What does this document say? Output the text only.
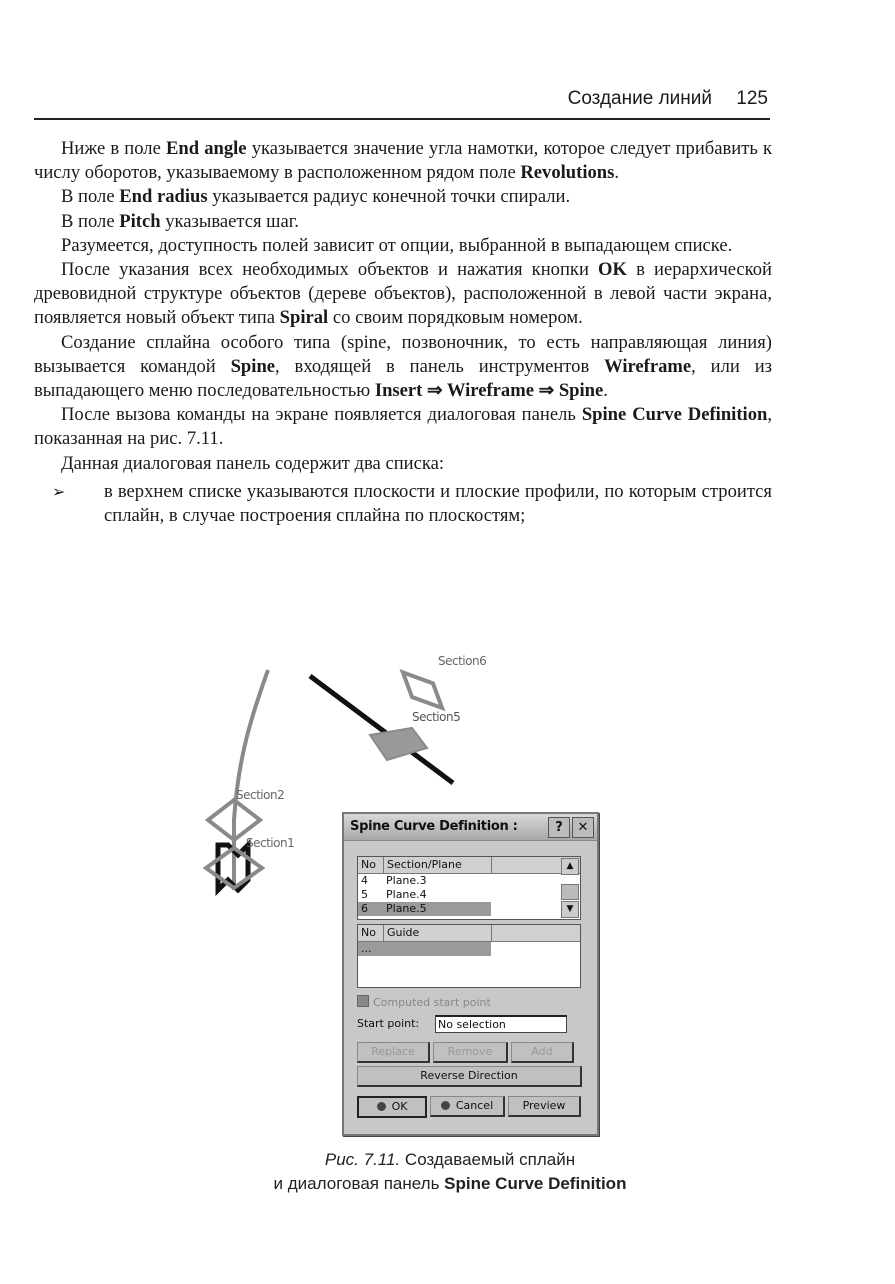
Создание линий 125

Ниже в поле End angle указывается значение угла намотки, которое следует прибавить к числу оборотов, указываемому в расположенном рядом поле Revolutions.

В поле End radius указывается радиус конечной точки спирали.

В поле Pitch указывается шаг.

Разумеется, доступность полей зависит от опции, выбранной в выпадающем списке.

После указания всех необходимых объектов и нажатия кнопки OK в иерархической древовидной структуре объектов (дереве объектов), расположенной в левой части экрана, появляется новый объект типа Spiral со своим порядковым номером.

Создание сплайна особого типа (spine, позвоночник, то есть направляющая линия) вызывается командой Spine, входящей в панель инструментов Wireframe, или из выпадающего меню последовательностью Insert ⇒ Wireframe ⇒ Spine.

После вызова команды на экране появляется диалоговая панель Spine Curve Definition, показанная на рис. 7.11.

Данная диалоговая панель содержит два списка:

➢	в верхнем списке указываются плоскости и плоские профили, по которым строится сплайн, в случае построения сплайна по плоскостям;
Section6
Section5
Section2
Section1
Spine Curve Definition :	?	✕
No	Section/Plane
4	Plane.3
5	Plane.4
6	Plane.5
▲
▼
No	Guide
...
Computed start point
Start point: No selection
Replace	Remove	Add
Reverse Direction
OK	Cancel	Preview
Рис. 7.11. Создаваемый сплайн
и диалоговая панель Spine Curve Definition
